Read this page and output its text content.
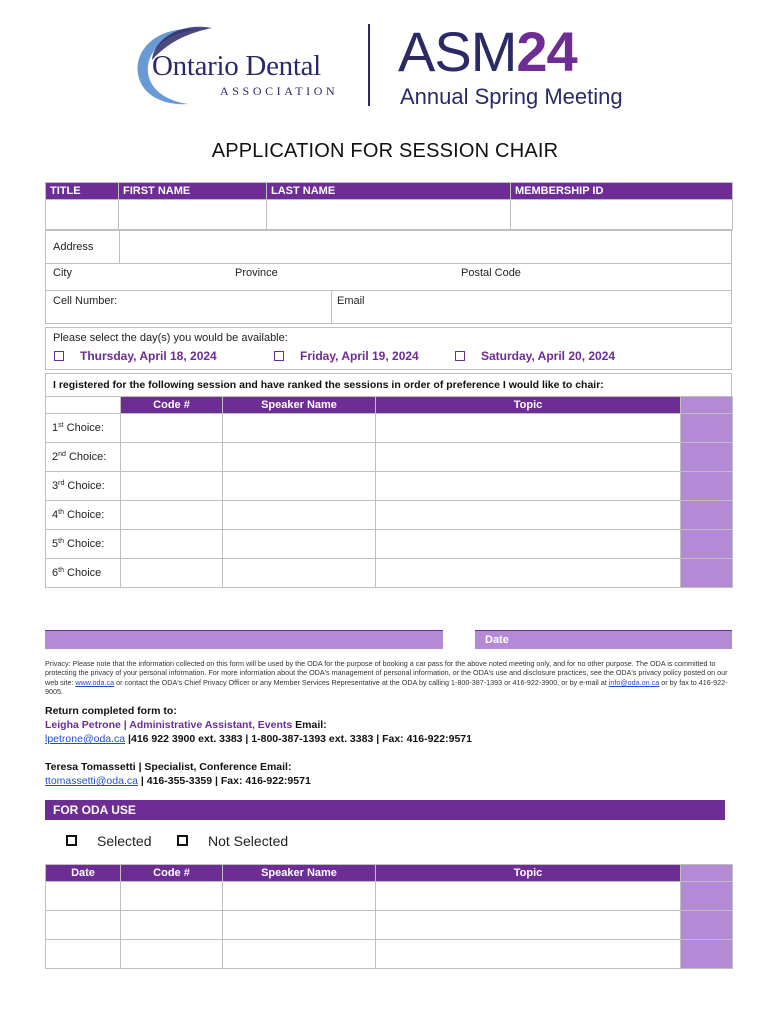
Ontario Dental
ASSOCIATION
ASM24
Annual Spring Meeting
APPLICATION FOR SESSION CHAIR
TITLE	FIRST NAME	LAST NAME	MEMBERSHIP ID

Address
City	Province	Postal Code
Cell Number:	Email
Please select the day(s) you would be available:
Thursday, April 18, 2024	Friday, April 19, 2024	Saturday, April 20, 2024
I registered for the following session and have ranked the sessions in order of preference I would like to chair:
	Code #	Speaker Name	Topic	
1st Choice:				
2nd Choice:				
3rd Choice:				
4th Choice:				
5th Choice:				
6th Choice				
Date
Privacy: Please note that the information collected on this form will be used by the ODA for the purpose of booking a car pass for the above noted meeting only, and for no other purpose. The ODA is committed to protecting the privacy of your personal information. For more information about the ODA's management of personal information, or the ODA's use and disclosure practices, see the ODA's privacy policy posted on our web site: www.oda.ca or contact the ODA's Chief Privacy Officer or any Member Services Representative at the ODA by calling 1-800-387-1393 or 416-922-3900, or by e-mail at info@oda.on.ca or by fax to 416-922-9005.
Return completed form to:
Leigha Petrone | Administrative Assistant, Events Email:
lpetrone@oda.ca |416 922 3900 ext. 3383 | 1-800-387-1393 ext. 3383 | Fax: 416-922:9571
Teresa Tomassetti | Specialist, Conference Email:
ttomassetti@oda.ca | 416-355-3359 | Fax: 416-922:9571
FOR ODA USE
Selected	Not Selected
Date	Code #	Speaker Name	Topic	
